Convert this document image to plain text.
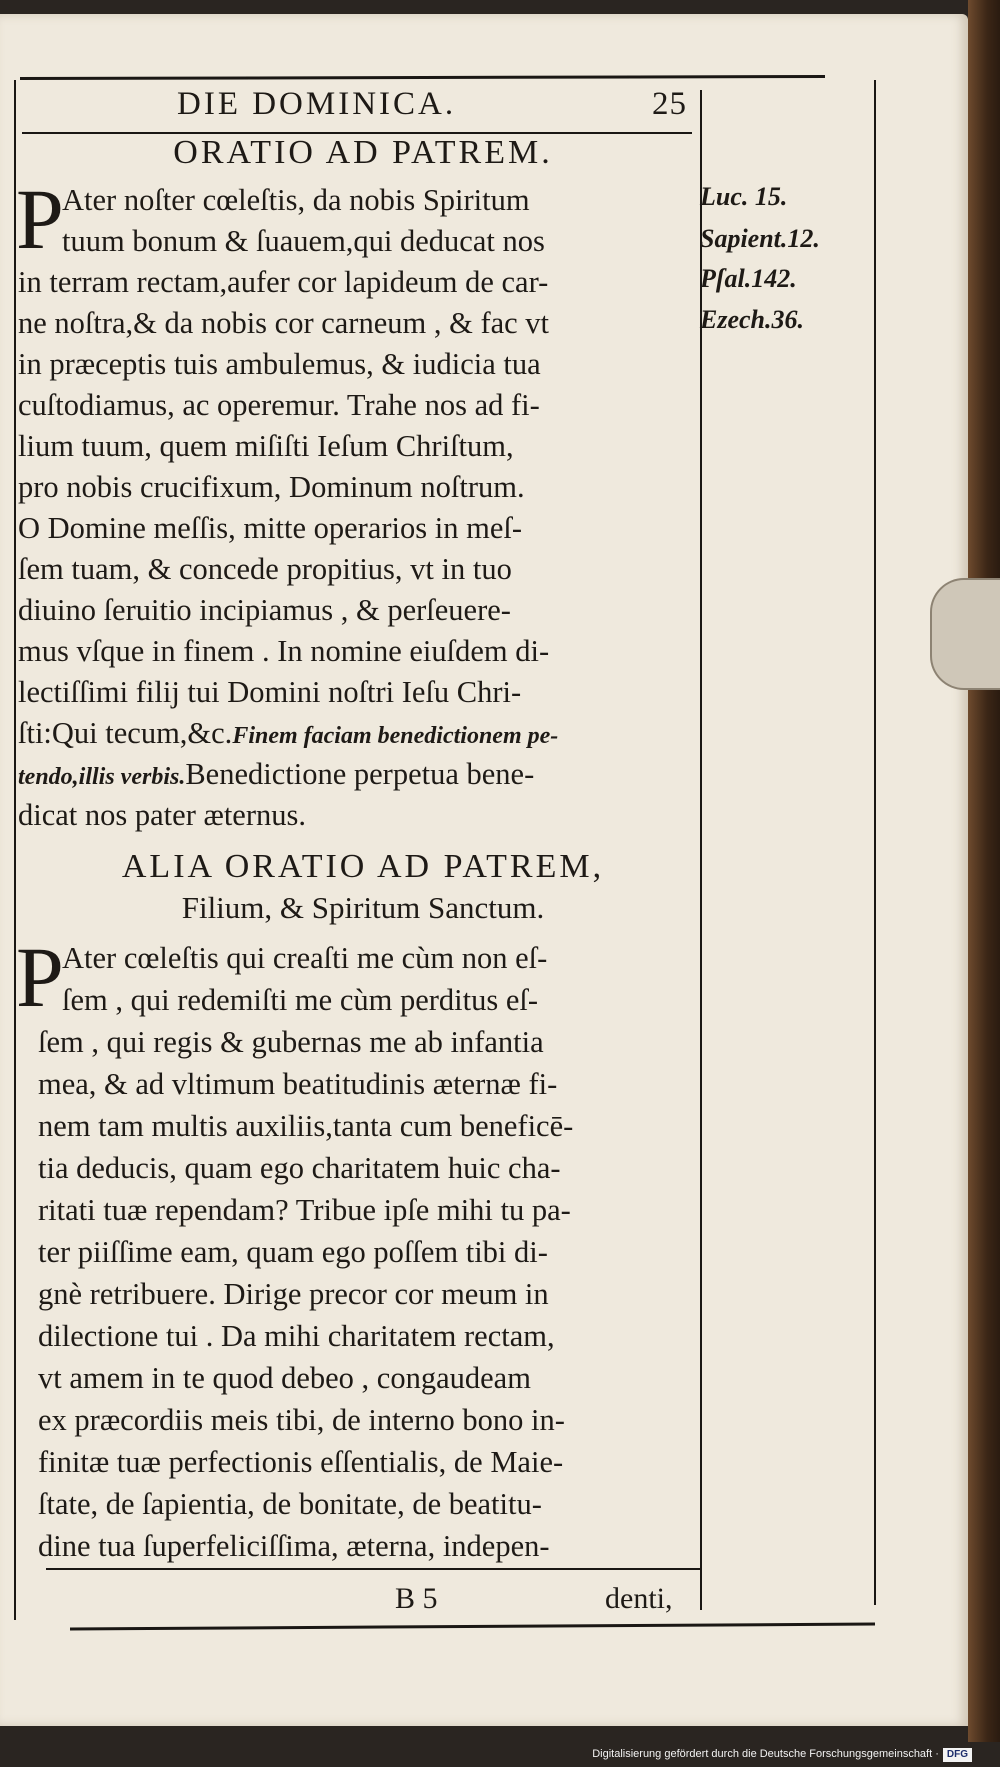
DIE DOMINICA.	25
ORATIO AD PATREM.
P
Ater noſter cœleſtis, da nobis Spiritum
tuum bonum & ſuauem,qui deducat nos
in terram rectam,aufer cor lapideum de car-
ne noſtra,& da nobis cor carneum , & fac vt
in præceptis tuis ambulemus, & iudicia tua
cuſtodiamus, ac operemur. Trahe nos ad fi-
lium tuum, quem miſiſti Ieſum Chriſtum,
pro nobis crucifixum, Dominum noſtrum.
O Domine meſſis, mitte operarios in meſ-
ſem tuam, & concede propitius, vt in tuo
diuino ſeruitio incipiamus , & perſeuere-
mus vſque in finem . In nomine eiuſdem di-
lectiſſimi filij tui Domini noſtri Ieſu Chri-
ſti:Qui tecum,&c.Finem faciam benedictionem pe-
tendo,illis verbis.Benedictione perpetua bene-
dicat nos pater æternus.
Luc. 15.
Sapient.12.
Pſal.142.
Ezech.36.
ALIA ORATIO AD PATREM,
Filium, & Spiritum Sanctum.
P
Ater cœleſtis qui creaſti me cùm non eſ-
ſem , qui redemiſti me cùm perditus eſ-
ſem , qui regis & gubernas me ab infantia
mea, & ad vltimum beatitudinis æternæ fi-
nem tam multis auxiliis,tanta cum beneficē-
tia deducis, quam ego charitatem huic cha-
ritati tuæ rependam? Tribue ipſe mihi tu pa-
ter piiſſime eam, quam ego poſſem tibi di-
gnè retribuere. Dirige precor cor meum in
dilectione tui . Da mihi charitatem rectam,
vt amem in te quod debeo , congaudeam
ex præcordiis meis tibi, de interno bono in-
finitæ tuæ perfectionis eſſentialis, de Maie-
ſtate, de ſapientia, de bonitate, de beatitu-
dine tua ſuperfeliciſſima, æterna, indepen-
B 5	denti,
Digitalisierung gefördert durch die Deutsche Forschungsgemeinschaft · DFG
